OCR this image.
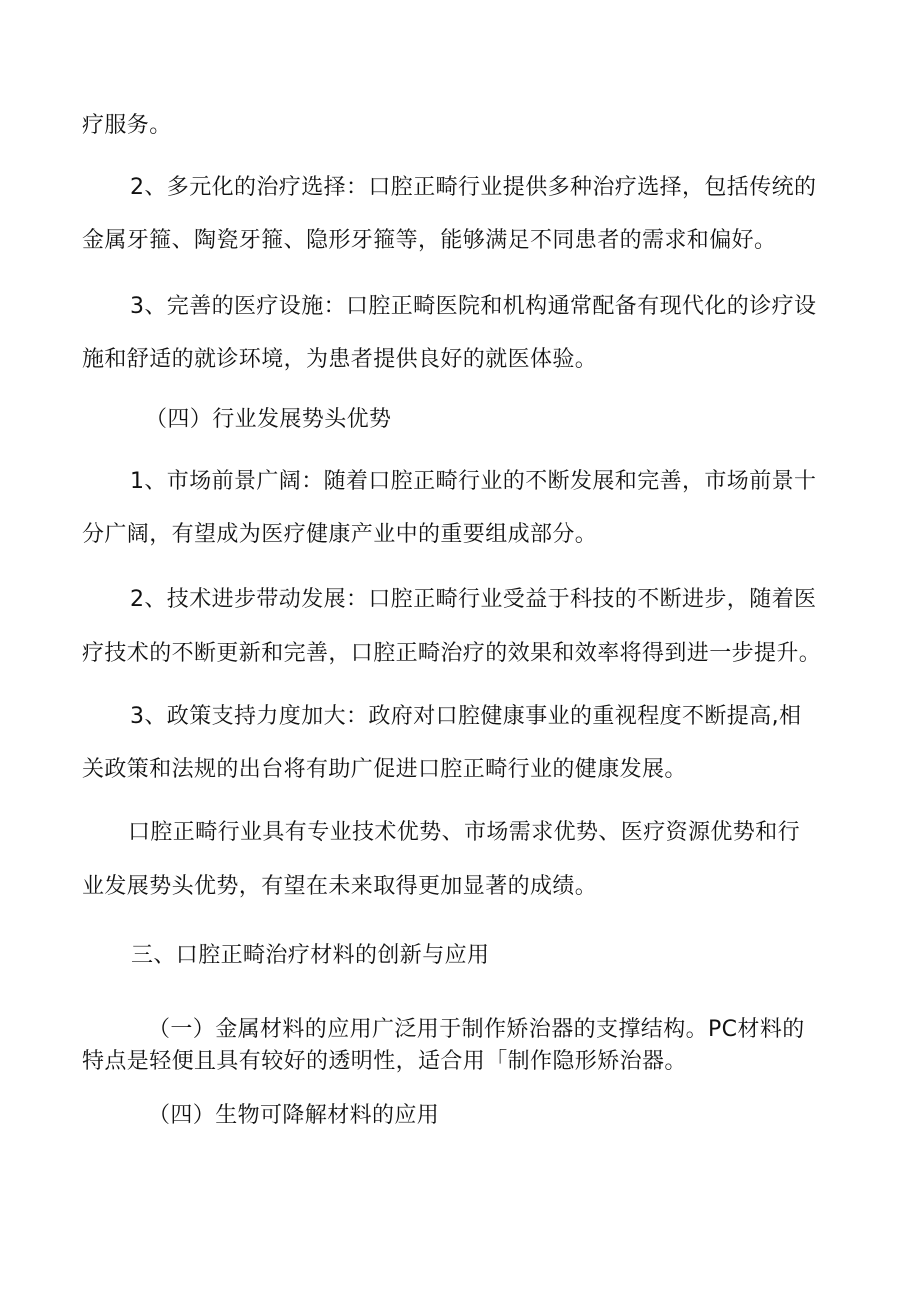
疗服务。
2、多元化的治疗选择：口腔正畸行业提供多种治疗选择，包括传统的
金属牙箍、陶瓷牙箍、隐形牙箍等，能够满足不同患者的需求和偏好。
3、完善的医疗设施：口腔正畸医院和机构通常配备有现代化的诊疗设
施和舒适的就诊环境，为患者提供良好的就医体验。
（四）行业发展势头优势
1、市场前景广阔：随着口腔正畸行业的不断发展和完善，市场前景十
分广阔，有望成为医疗健康产业中的重要组成部分。
2、技术进步带动发展：口腔正畸行业受益于科技的不断进步，随着医
疗技术的不断更新和完善，口腔正畸治疗的效果和效率将得到进一步提升。
3、政策支持力度加大：政府对口腔健康事业的重视程度不断提高,相
关政策和法规的出台将有助广促进口腔正畸行业的健康发展。
口腔正畸行业具有专业技术优势、市场需求优势、医疗资源优势和行
业发展势头优势，有望在未来取得更加显著的成绩。
三、口腔正畸治疗材料的创新与应用
（一）金属材料的应用广泛用于制作矫治器的支撑结构。PC材料的
特点是轻便且具有较好的透明性，适合用「制作隐形矫治器。
（四）生物可降解材料的应用
